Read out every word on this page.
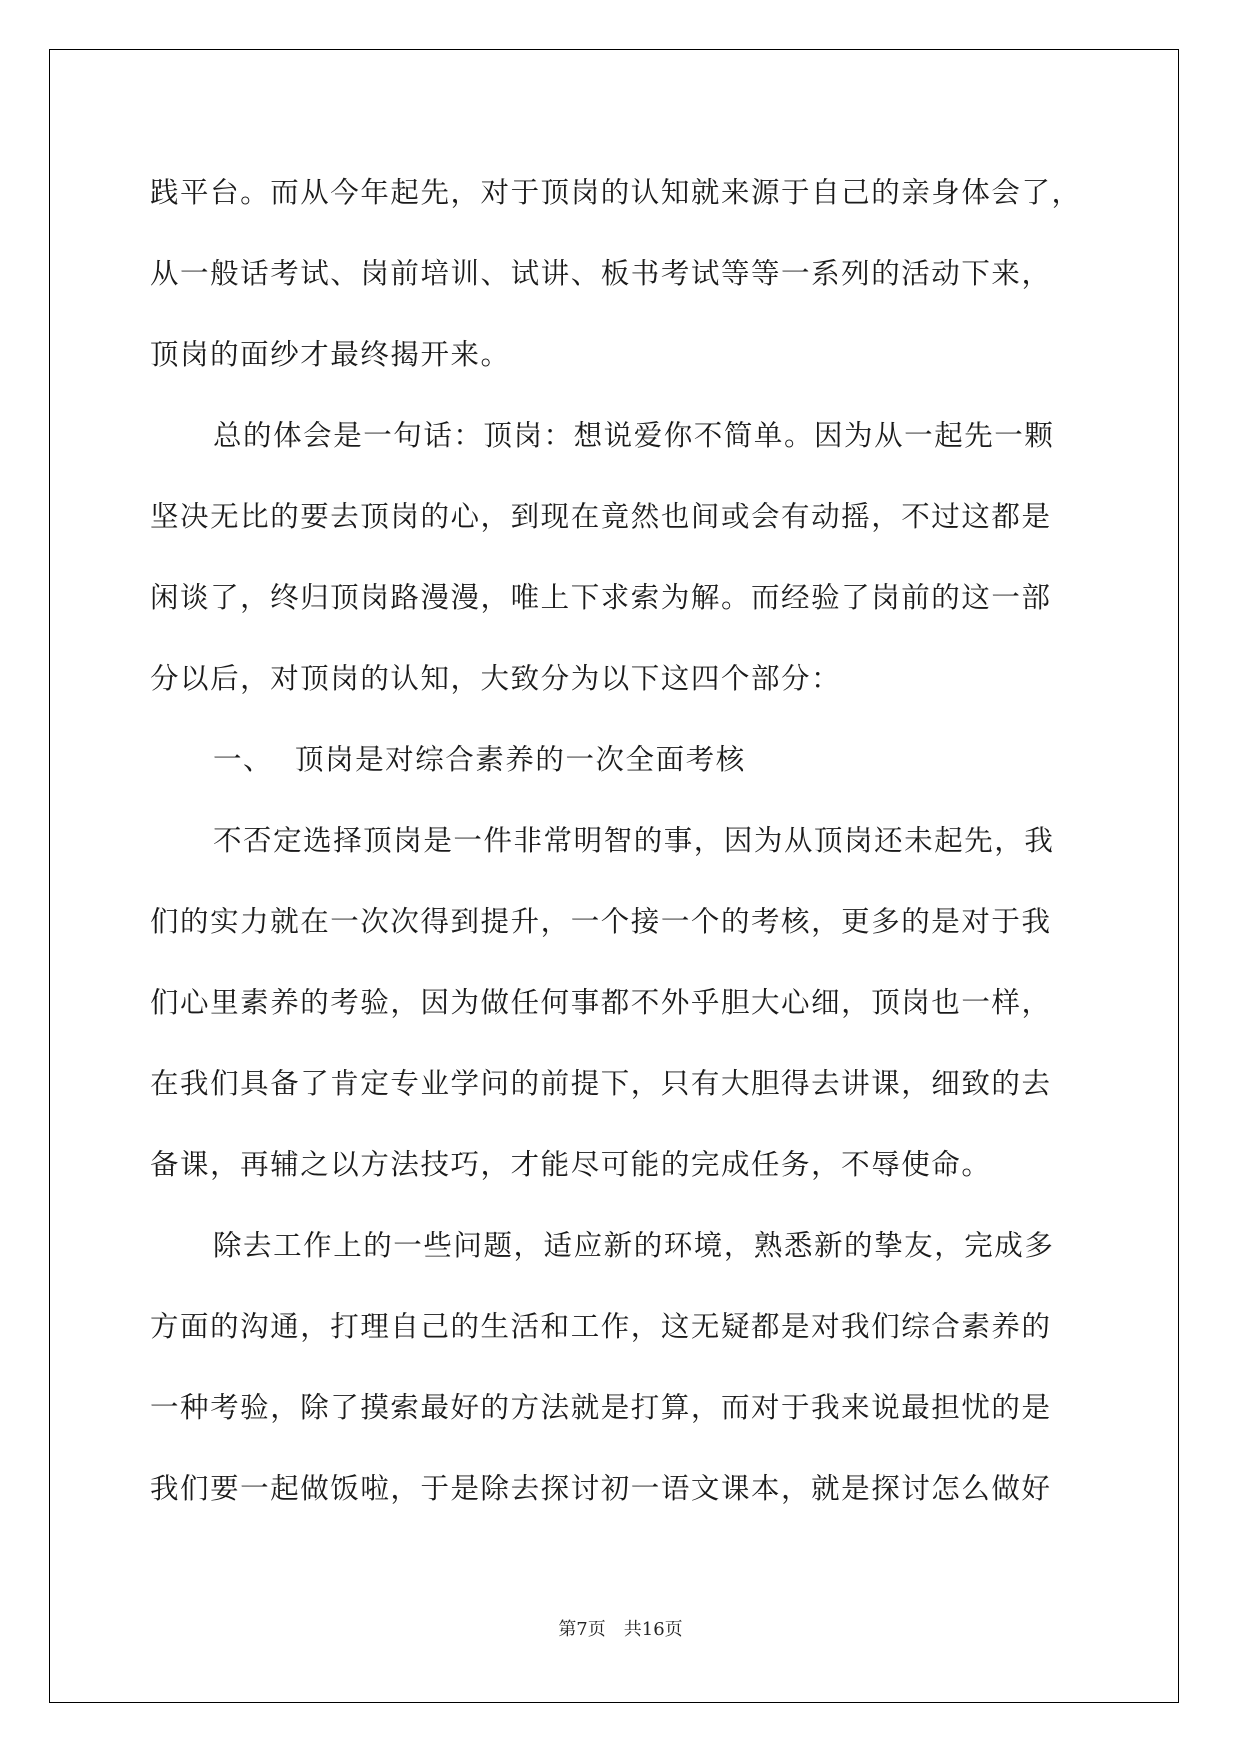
践平台。而从今年起先，对于顶岗的认知就来源于自己的亲身体会了，
从一般话考试、岗前培训、试讲、板书考试等等一系列的活动下来，
顶岗的面纱才最终揭开来。
总的体会是一句话：顶岗：想说爱你不简单。因为从一起先一颗
坚决无比的要去顶岗的心，到现在竟然也间或会有动摇，不过这都是
闲谈了，终归顶岗路漫漫，唯上下求索为解。而经验了岗前的这一部
分以后，对顶岗的认知，大致分为以下这四个部分：
一、 顶岗是对综合素养的一次全面考核
不否定选择顶岗是一件非常明智的事，因为从顶岗还未起先，我
们的实力就在一次次得到提升，一个接一个的考核，更多的是对于我
们心里素养的考验，因为做任何事都不外乎胆大心细，顶岗也一样，
在我们具备了肯定专业学问的前提下，只有大胆得去讲课，细致的去
备课，再辅之以方法技巧，才能尽可能的完成任务，不辱使命。
除去工作上的一些问题，适应新的环境，熟悉新的挚友，完成多
方面的沟通，打理自己的生活和工作，这无疑都是对我们综合素养的
一种考验，除了摸索最好的方法就是打算，而对于我来说最担忧的是
我们要一起做饭啦，于是除去探讨初一语文课本，就是探讨怎么做好
第7页 共16页
